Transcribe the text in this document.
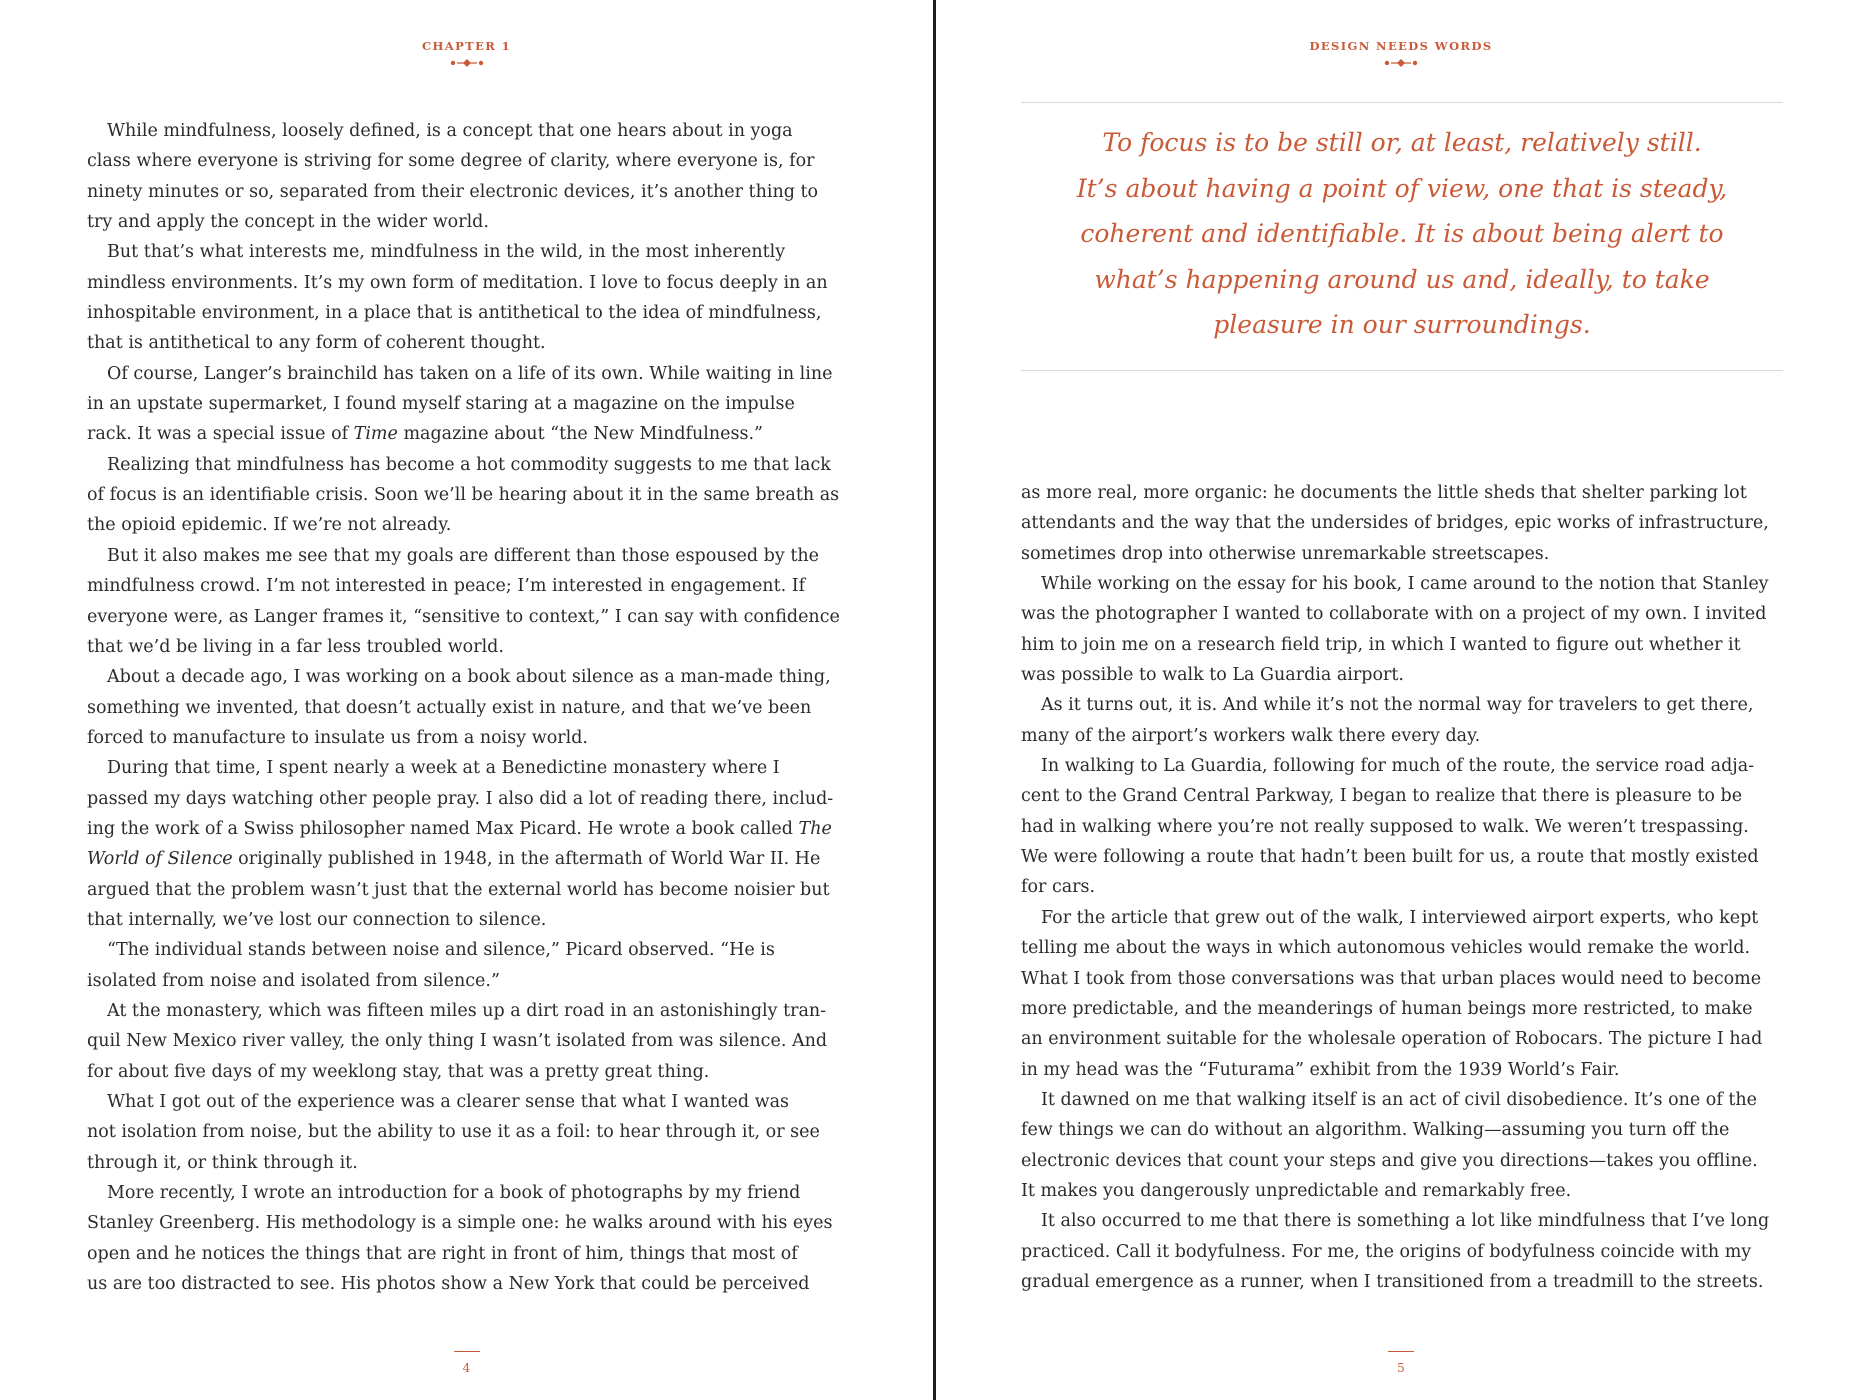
CHAPTER 1
While mindfulness, loosely defined, is a concept that one hears about in yoga
class where everyone is striving for some degree of clarity, where everyone is, for
ninety minutes or so, separated from their electronic devices, it’s another thing to
try and apply the concept in the wider world.
But that’s what interests me, mindfulness in the wild, in the most inherently
mindless environments. It’s my own form of meditation. I love to focus deeply in an
inhospitable environment, in a place that is antithetical to the idea of mindfulness,
that is antithetical to any form of coherent thought.
Of course, Langer’s brainchild has taken on a life of its own. While waiting in line
in an upstate supermarket, I found myself staring at a magazine on the impulse
rack. It was a special issue of Time magazine about “the New Mindfulness.”
Realizing that mindfulness has become a hot commodity suggests to me that lack
of focus is an identifiable crisis. Soon we’ll be hearing about it in the same breath as
the opioid epidemic. If we’re not already.
But it also makes me see that my goals are different than those espoused by the
mindfulness crowd. I’m not interested in peace; I’m interested in engagement. If
everyone were, as Langer frames it, “sensitive to context,” I can say with confidence
that we’d be living in a far less troubled world.
About a decade ago, I was working on a book about silence as a man-made thing,
something we invented, that doesn’t actually exist in nature, and that we’ve been
forced to manufacture to insulate us from a noisy world.
During that time, I spent nearly a week at a Benedictine monastery where I
passed my days watching other people pray. I also did a lot of reading there, includ-
ing the work of a Swiss philosopher named Max Picard. He wrote a book called The
World of Silence originally published in 1948, in the aftermath of World War II. He
argued that the problem wasn’t just that the external world has become noisier but
that internally, we’ve lost our connection to silence.
“The individual stands between noise and silence,” Picard observed. “He is
isolated from noise and isolated from silence.”
At the monastery, which was fifteen miles up a dirt road in an astonishingly tran-
quil New Mexico river valley, the only thing I wasn’t isolated from was silence. And
for about five days of my weeklong stay, that was a pretty great thing.
What I got out of the experience was a clearer sense that what I wanted was
not isolation from noise, but the ability to use it as a foil: to hear through it, or see
through it, or think through it.
More recently, I wrote an introduction for a book of photographs by my friend
Stanley Greenberg. His methodology is a simple one: he walks around with his eyes
open and he notices the things that are right in front of him, things that most of
us are too distracted to see. His photos show a New York that could be perceived
4
DESIGN NEEDS WORDS
To focus is to be still or, at least, relatively still.
It’s about having a point of view, one that is steady,
coherent and identifiable. It is about being alert to
what’s happening around us and, ideally, to take
pleasure in our surroundings.
as more real, more organic: he documents the little sheds that shelter parking lot
attendants and the way that the undersides of bridges, epic works of infrastructure,
sometimes drop into otherwise unremarkable streetscapes.
While working on the essay for his book, I came around to the notion that Stanley
was the photographer I wanted to collaborate with on a project of my own. I invited
him to join me on a research field trip, in which I wanted to figure out whether it
was possible to walk to La Guardia airport.
As it turns out, it is. And while it’s not the normal way for travelers to get there,
many of the airport’s workers walk there every day.
In walking to La Guardia, following for much of the route, the service road adja-
cent to the Grand Central Parkway, I began to realize that there is pleasure to be
had in walking where you’re not really supposed to walk. We weren’t trespassing.
We were following a route that hadn’t been built for us, a route that mostly existed
for cars.
For the article that grew out of the walk, I interviewed airport experts, who kept
telling me about the ways in which autonomous vehicles would remake the world.
What I took from those conversations was that urban places would need to become
more predictable, and the meanderings of human beings more restricted, to make
an environment suitable for the wholesale operation of Robocars. The picture I had
in my head was the “Futurama” exhibit from the 1939 World’s Fair.
It dawned on me that walking itself is an act of civil disobedience. It’s one of the
few things we can do without an algorithm. Walking—assuming you turn off the
electronic devices that count your steps and give you directions—takes you offline.
It makes you dangerously unpredictable and remarkably free.
It also occurred to me that there is something a lot like mindfulness that I’ve long
practiced. Call it bodyfulness. For me, the origins of bodyfulness coincide with my
gradual emergence as a runner, when I transitioned from a treadmill to the streets.
5
